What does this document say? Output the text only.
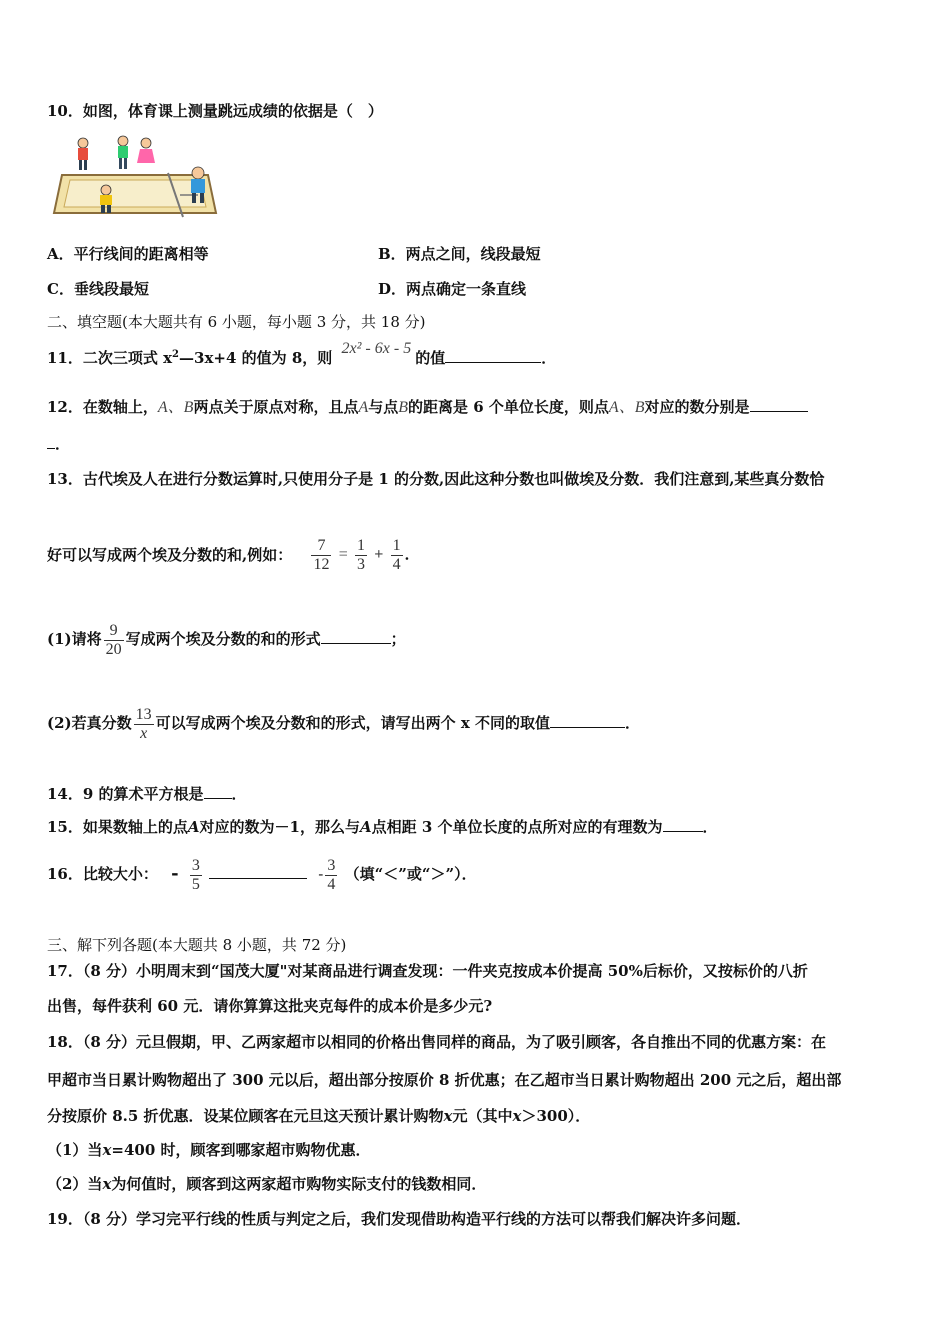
10．如图，体育课上测量跳远成绩的依据是（　）
A．平行线间的距离相等	B．两点之间，线段最短
C．垂线段最短	D．两点确定一条直线
二、填空题(本大题共有 6 小题，每小题 3 分，共 18 分)
11．二次三项式 $x^2—3x+4$ 的值为 8，则 2x² - 6x - 5的值	．
12．在数轴上，A、B两点关于原点对称，且点A与点B的距离是 6 个单位长度，则点A、B对应的数分别是
．
13．古代埃及人在进行分数运算时,只使用分子是 1 的分数,因此这种分数也叫做埃及分数．我们注意到,某些真分数恰
好可以写成两个埃及分数的和,例如： $\frac{7}{12} = \frac{1}{3} + \frac{1}{4}$ ．
(1)请将 $\frac{9}{20}$ 写成两个埃及分数的和的形式	；
(2)若真分数 $\frac{13}{x}$ 可以写成两个埃及分数和的形式，请写出两个 x 不同的取值	．
14．9 的算术平方根是 ．
15．如果数轴上的点A对应的数为－1，那么与A点相距 3 个单位长度的点所对应的有理数为	．
16．比较大小： - $\frac{3}{5}$	- $\frac{3}{4}$ （填“＜”或“＞”）．
三、解下列各题(本大题共 8 小题，共 72 分)
17．（8 分）小明周末到“国茂大厦"对某商品进行调查发现：一件夹克按成本价提高 50%后标价，又按标价的八折
出售，每件获利 60 元．请你算算这批夹克每件的成本价是多少元?
18．（8 分）元旦假期，甲、乙两家超市以相同的价格出售同样的商品，为了吸引顾客，各自推出不同的优惠方案：在
甲超市当日累计购物超出了 300 元以后，超出部分按原价 8 折优惠；在乙超市当日累计购物超出 200 元之后，超出部
分按原价 8.5 折优惠．设某位顾客在元旦这天预计累计购物x元（其中x＞300）．
（1）当x=400 时，顾客到哪家超市购物优惠．
（2）当x为何值时，顾客到这两家超市购物实际支付的钱数相同．
19．（8 分）学习完平行线的性质与判定之后，我们发现借助构造平行线的方法可以帮我们解决许多问题．
